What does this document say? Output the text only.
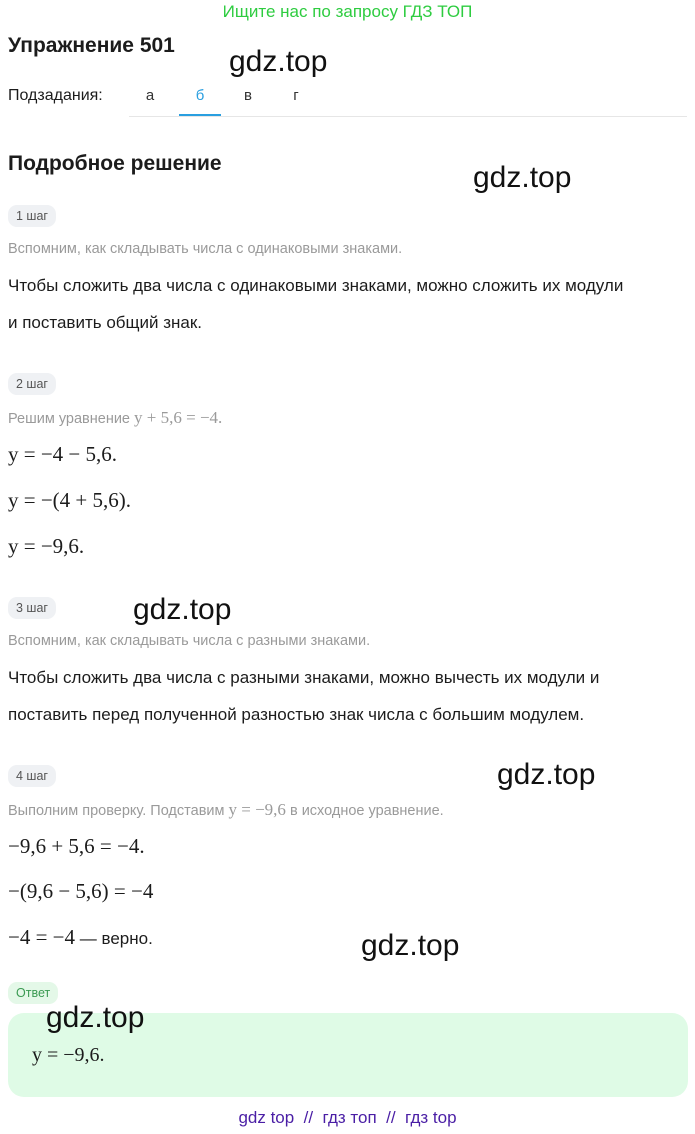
Ищите нас по запросу ГДЗ ТОП
Упражнение 501
Подзадания:	а	б	в	г
Подробное решение
1 шаг
Вспомним, как складывать числа с одинаковыми знаками.
Чтобы сложить два числа с одинаковыми знаками, можно сложить их модули
и поставить общий знак.
2 шаг
Решим уравнение y + 5,6 = −4.
y = −4 − 5,6.
y = −(4 + 5,6).
y = −9,6.
3 шаг
Вспомним, как складывать числа с разными знаками.
Чтобы сложить два числа с разными знаками, можно вычесть их модули и
поставить перед полученной разностью знак числа с большим модулем.
4 шаг
Выполним проверку. Подставим y = −9,6 в исходное уравнение.
−9,6 + 5,6 = −4.
−(9,6 − 5,6) = −4
−4 = −4 — верно.
Ответ
y = −9,6.
gdz.top
gdz.top
gdz.top
gdz.top
gdz.top
gdz.top
gdz top  //  гдз топ  //  гдз top
